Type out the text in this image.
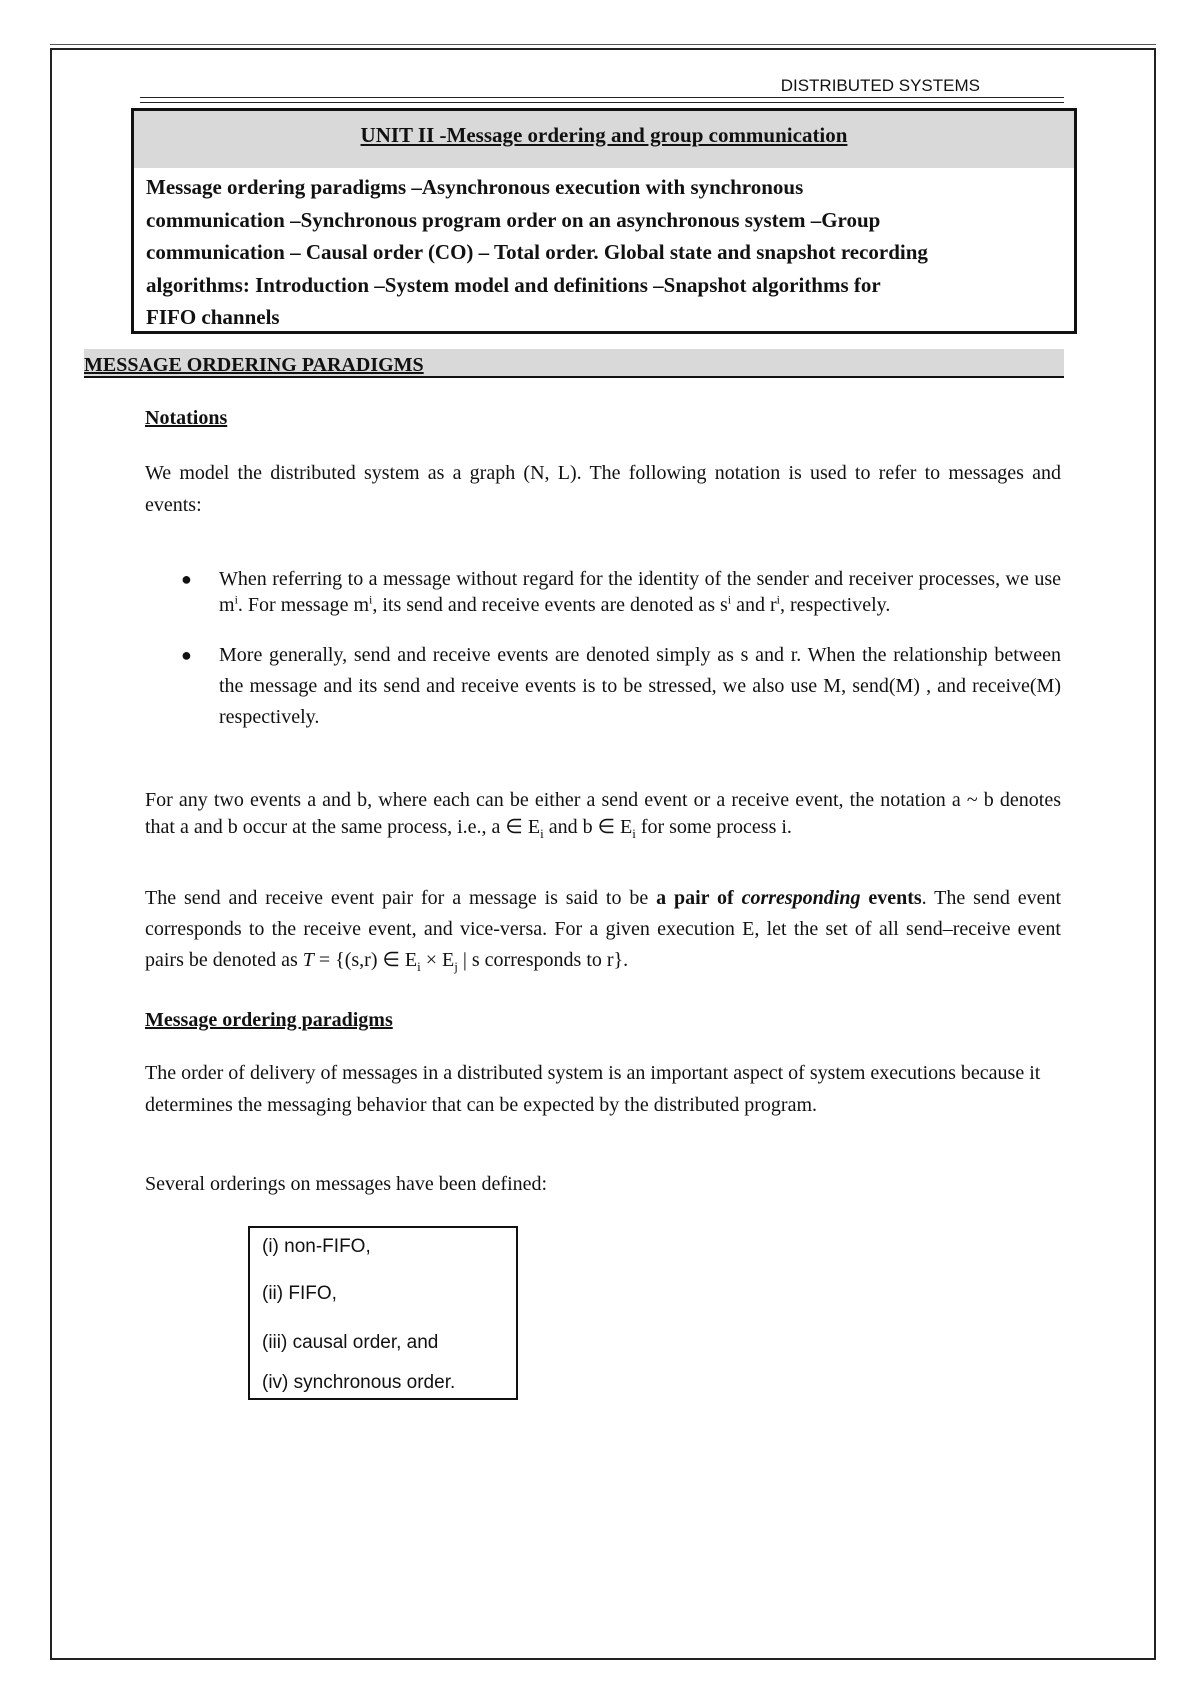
DISTRIBUTED SYSTEMS
UNIT II -Message ordering and group communication
Message ordering paradigms –Asynchronous execution with synchronous
communication –Synchronous program order on an asynchronous system –Group
communication – Causal order (CO) – Total order. Global state and snapshot recording
algorithms: Introduction –System model and definitions –Snapshot algorithms for
FIFO channels
MESSAGE ORDERING PARADIGMS
Notations
We model the distributed system as a graph (N, L). The following notation is used to refer to messages and events:
● When referring to a message without regard for the identity of the sender and receiver processes, we use $m^i$. For message $m^i$, its send and receive events are denoted as $s^i$ and $r^i$, respectively.
● More generally, send and receive events are denoted simply as s and r. When the relationship between the message and its send and receive events is to be stressed, we also use M, send(M) , and receive(M) respectively.
For any two events a and b, where each can be either a send event or a receive event, the notation a ~ b denotes that a and b occur at the same process, i.e., a ∈ $E_i$ and b ∈ $E_i$ for some process i.
The send and receive event pair for a message is said to be a pair of corresponding events. The send event corresponds to the receive event, and vice-versa. For a given execution E, let the set of all send–receive event pairs be denoted as T = {(s,r) ∈ $E_i \times E_j$ | s corresponds to r}.
Message ordering paradigms
The order of delivery of messages in a distributed system is an important aspect of system executions because it determines the messaging behavior that can be expected by the distributed program.
Several orderings on messages have been defined:
(i) non-FIFO,
(ii) FIFO,
(iii) causal order, and
(iv) synchronous order.
